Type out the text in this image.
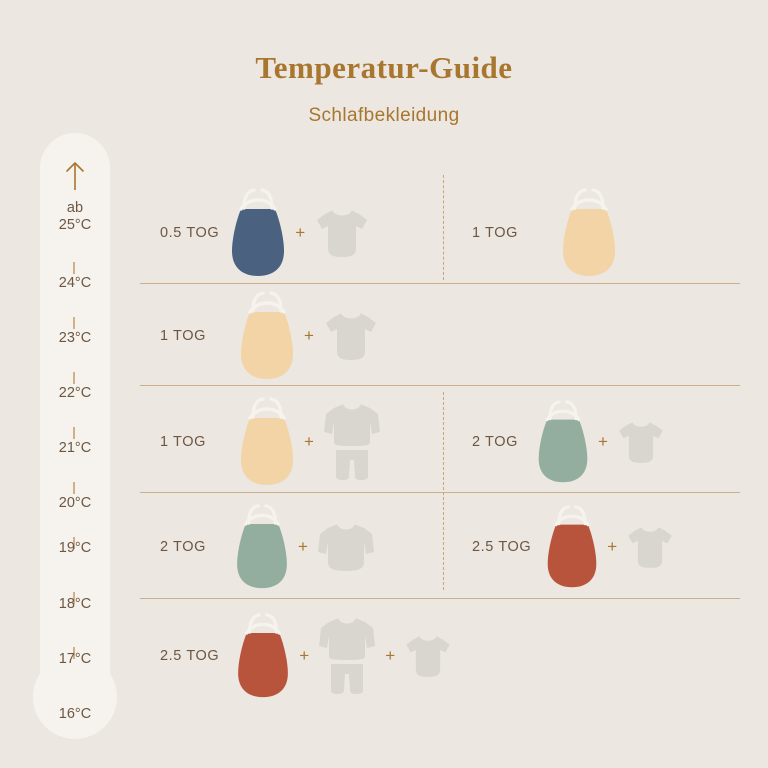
Temperatur-Guide
Schlafbekleidung
ab
25°C
24°C
23°C
22°C
21°C
20°C
19°C
18°C
17°C
16°C
0.5 TOG	+	1 TOG
1 TOG	+
1 TOG	+	2 TOG	+
2 TOG	+	2.5 TOG	+
2.5 TOG	+	+
